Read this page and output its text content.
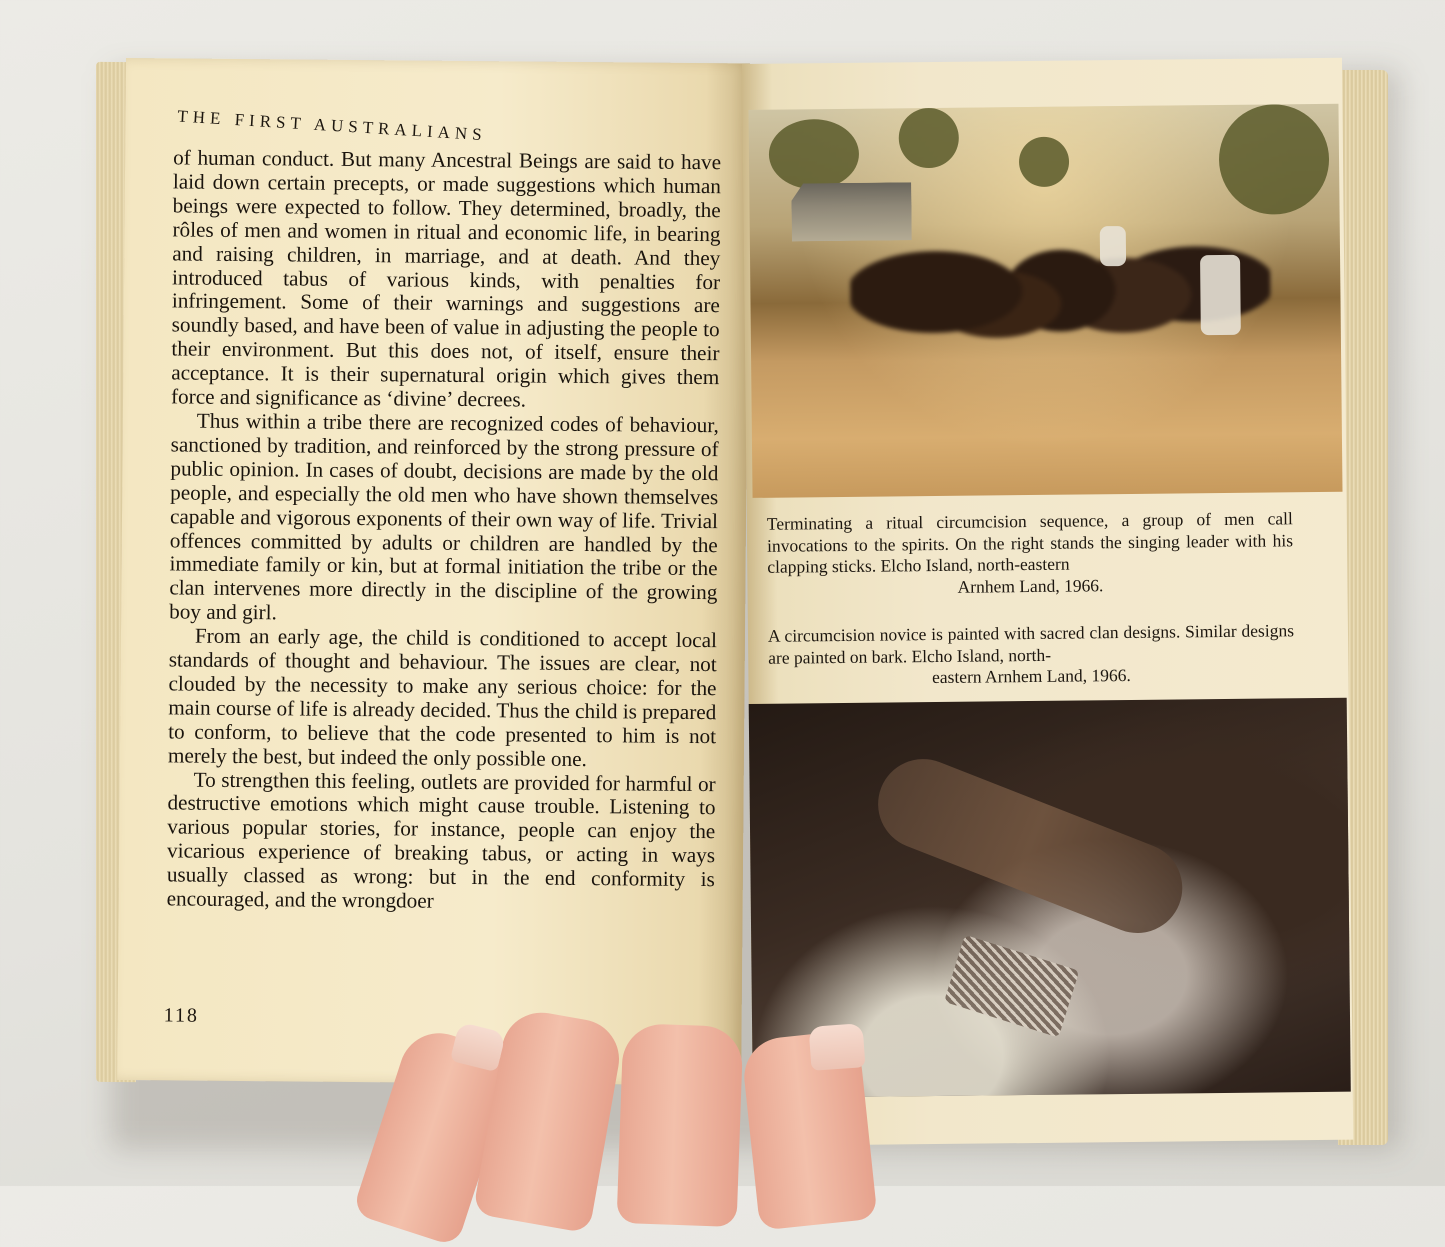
THE FIRST AUSTRALIANS

of human conduct. But many Ancestral Beings are said to have laid down certain precepts, or made suggestions which human beings were expected to follow. They determined, broadly, the rôles of men and women in ritual and economic life, in bearing and raising children, in marriage, and at death. And they introduced tabus of various kinds, with penalties for infringement. Some of their warnings and suggestions are soundly based, and have been of value in adjusting the people to their environment. But this does not, of itself, ensure their acceptance. It is their supernatural origin which gives them force and significance as ‘divine’ decrees.

Thus within a tribe there are recognized codes of behaviour, sanctioned by tradition, and reinforced by the strong pressure of public opinion. In cases of doubt, decisions are made by the old people, and especially the old men who have shown themselves capable and vigorous exponents of their own way of life. Trivial offences committed by adults or children are handled by the immediate family or kin, but at formal initiation the tribe or the clan intervenes more directly in the discipline of the growing boy and girl.

From an early age, the child is conditioned to accept local standards of thought and behaviour. The issues are clear, not clouded by the necessity to make any serious choice: for the main course of life is already decided. Thus the child is prepared to conform, to believe that the code presented to him is not merely the best, but indeed the only possible one.

To strengthen this feeling, outlets are provided for harmful or destructive emotions which might cause trouble. Listening to various popular stories, for instance, people can enjoy the vicarious experience of breaking tabus, or acting in ways usually classed as wrong: but in the end conformity is encouraged, and the wrongdoer

118
Terminating a ritual circumcision sequence, a group of men call invocations to the spirits. On the right stands the singing leader with his clapping sticks. Elcho Island, north-eastern
Arnhem Land, 1966.
A circumcision novice is painted with sacred clan designs. Similar designs are painted on bark. Elcho Island, north-
eastern Arnhem Land, 1966.
